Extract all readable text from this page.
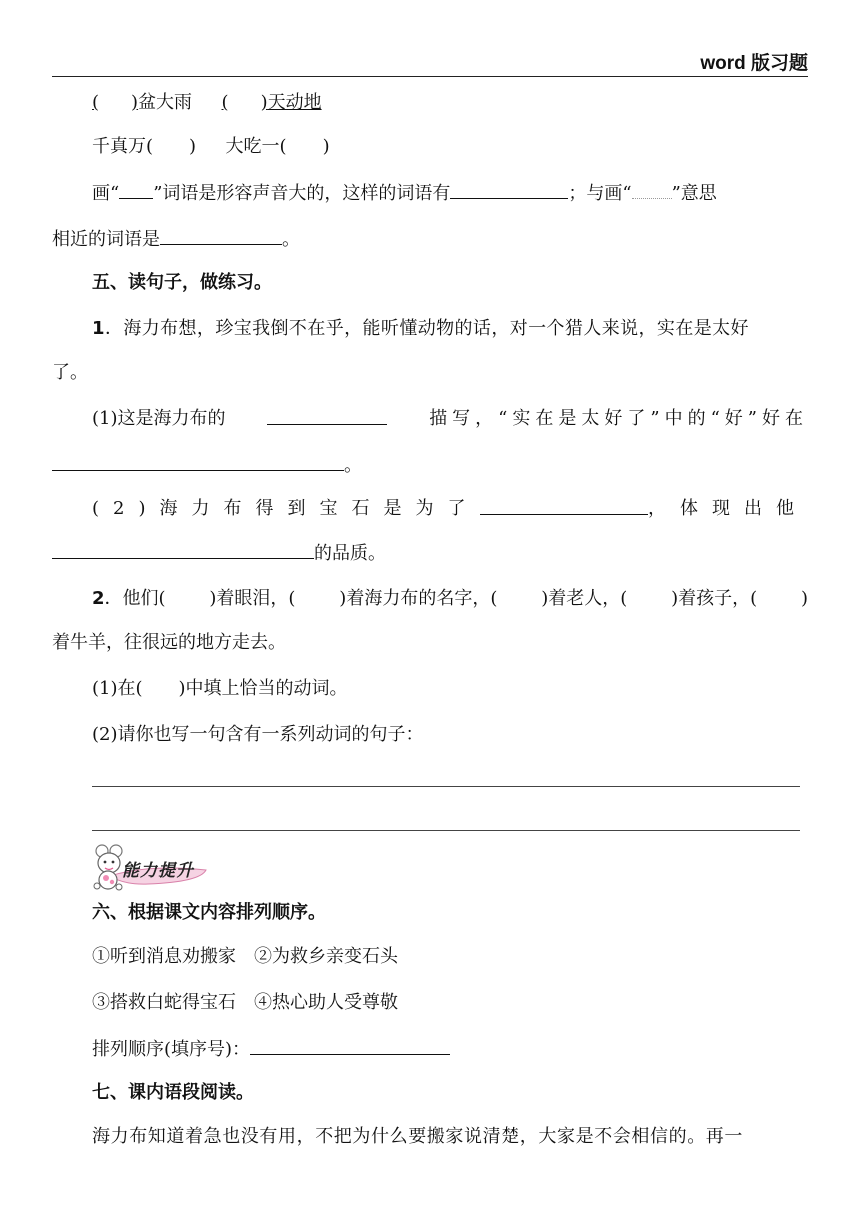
word 版习题
( )盆大雨 ( )天动地
千真万( ) 大吃一( )
画“ ”词语是形容声音大的，这样的词语有	；与画“ ”意思
相近的词语是	。
五、读句子，做练习。
1．海力布想，珍宝我倒不在乎，能听懂动物的话，对一个猎人来说，实在是太好
了。
(1)这是海力布的	描写，“实在是太好了”中的“好”好在
。
(2)海力布得到宝石是为了	，体现出他
的品质。
2．他们( )着眼泪，( )着海力布的名字，( )着老人，( )着孩子，( )
着牛羊，往很远的地方走去。
(1)在(　　)中填上恰当的动词。
(2)请你也写一句含有一系列动词的句子：
能力提升
六、根据课文内容排列顺序。
①听到消息劝搬家　②为救乡亲变石头
③搭救白蛇得宝石　④热心助人受尊敬
排列顺序(填序号)：
七、课内语段阅读。
海力布知道着急也没有用，不把为什么要搬家说清楚，大家是不会相信的。再一
